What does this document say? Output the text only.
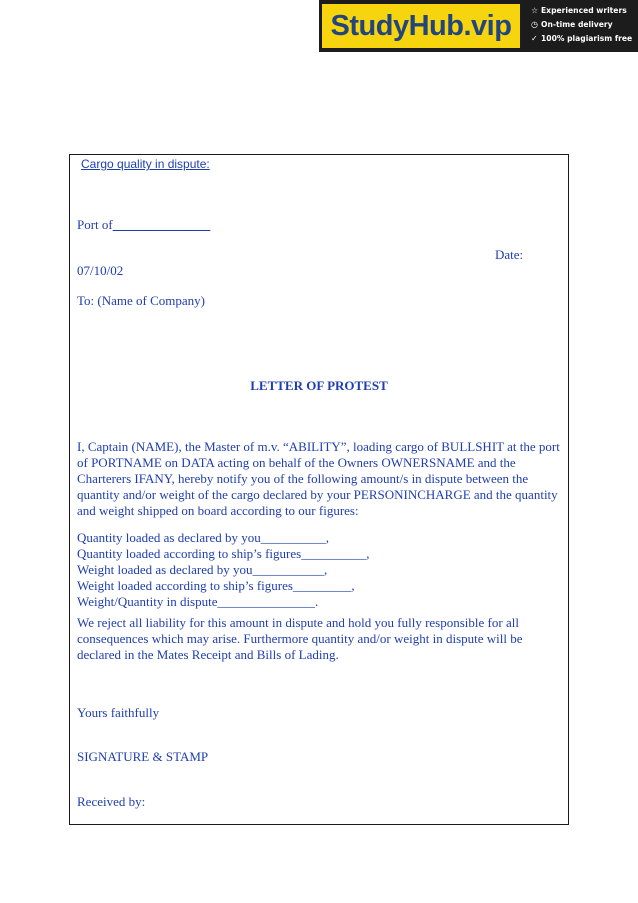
StudyHub.vip	☆ Experienced writers
◷ On-time delivery
✓ 100% plagiarism free

Cargo quality in dispute:

Port of_______________

Date:

07/10/02

To: (Name of Company)

LETTER OF PROTEST

I, Captain (NAME), the Master of m.v. “ABILITY”, loading cargo of BULLSHIT at the port
of PORTNAME on DATA acting on behalf of the Owners OWNERSNAME and the
Charterers IFANY, hereby notify you of the following amount/s in dispute between the
quantity and/or weight of the cargo declared by your PERSONINCHARGE and the quantity
and weight shipped on board according to our figures:
Quantity loaded as declared by you__________,
Quantity loaded according to ship’s figures__________,
Weight loaded as declared by you___________,
Weight loaded according to ship’s figures_________,
Weight/Quantity in dispute_______________.
We reject all liability for this amount in dispute and hold you fully responsible for all
consequences which may arise. Furthermore quantity and/or weight in dispute will be
declared in the Mates Receipt and Bills of Lading.

Yours faithfully

SIGNATURE & STAMP

Received by:
